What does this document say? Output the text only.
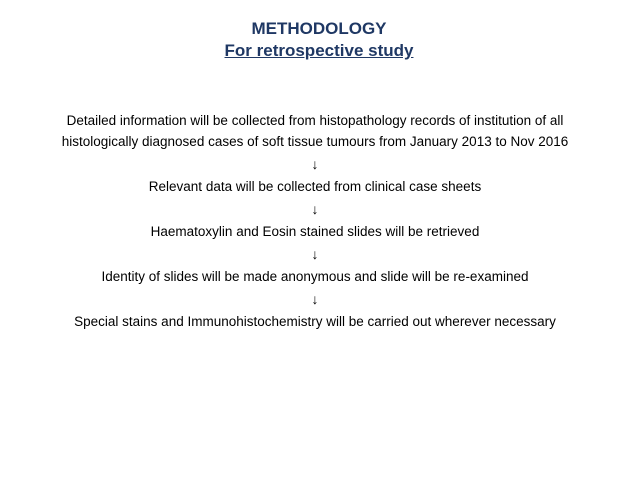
METHODOLOGY

For retrospective study

Detailed information will be collected from histopathology records of institution of all histologically diagnosed cases of soft tissue tumours from January 2013 to Nov 2016

↓

Relevant data will be collected from clinical case sheets

↓

Haematoxylin and Eosin stained slides will be retrieved

↓

Identity of slides will be made anonymous and slide will be re-examined

↓

Special stains and Immunohistochemistry will be carried out wherever necessary
